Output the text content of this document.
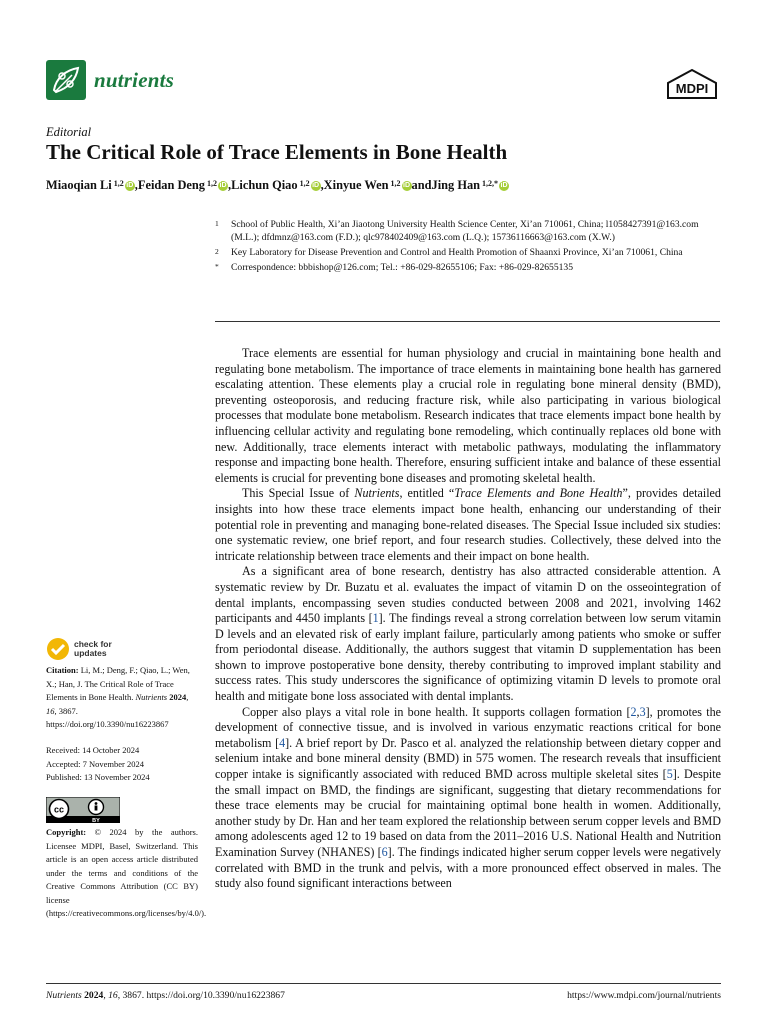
nutrients	MDPI
Editorial
The Critical Role of Trace Elements in Bone Health
Miaoqian Li $^{1,2}$ iD , Feidan Deng $^{1,2}$ iD , Lichun Qiao $^{1,2}$ iD , Xinyue Wen $^{1,2}$ iD and Jing Han $^{1,2,*}$ iD
1	School of Public Health, Xi’an Jiaotong University Health Science Center, Xi’an 710061, China; l1058427391@163.com (M.L.); dfdmnz@163.com (F.D.); qlc978402409@163.com (L.Q.); 15736116663@163.com (X.W.)
2	Key Laboratory for Disease Prevention and Control and Health Promotion of Shaanxi Province, Xi’an 710061, China
*	Correspondence: bbbishop@126.com; Tel.: +86-029-82655106; Fax: +86-029-82655135

Trace elements are essential for human physiology and crucial in maintaining bone health and regulating bone metabolism. The importance of trace elements in maintaining bone health has garnered escalating attention. These elements play a crucial role in regulating bone mineral density (BMD), preventing osteoporosis, and reducing fracture risk, while also participating in various biological processes that modulate bone metabolism. Research indicates that trace elements impact bone health by influencing cellular activity and regulating bone remodeling, which continually replaces old bone with new. Additionally, trace elements interact with metabolic pathways, modulating the inflammatory response and impacting bone health. Therefore, ensuring sufficient intake and balance of these essential elements is crucial for preventing bone diseases and promoting skeletal health.

This Special Issue of Nutrients, entitled “Trace Elements and Bone Health”, provides detailed insights into how these trace elements impact bone health, enhancing our understanding of their potential role in preventing and managing bone-related diseases. The Special Issue included six studies: one systematic review, one brief report, and four research studies. Collectively, these delved into the intricate relationship between trace elements and their impact on bone health.

As a significant area of bone research, dentistry has also attracted considerable attention. A systematic review by Dr. Buzatu et al. evaluates the impact of vitamin D on the osseointegration of dental implants, encompassing seven studies conducted between 2008 and 2021, involving 1462 participants and 4450 implants [1]. The findings reveal a strong correlation between low serum vitamin D levels and an elevated risk of early implant failure, particularly among patients who smoke or suffer from periodontal disease. Additionally, the authors suggest that vitamin D supplementation has been shown to improve postoperative bone density, thereby contributing to improved implant stability and success rates. This study underscores the significance of optimizing vitamin D levels to promote oral health and mitigate bone loss associated with dental implants.

Copper also plays a vital role in bone health. It supports collagen formation [2,3], promotes the development of connective tissue, and is involved in various enzymatic reactions critical for bone metabolism [4]. A brief report by Dr. Pasco et al. analyzed the relationship between dietary copper and selenium intake and bone mineral density (BMD) in 575 women. The research reveals that insufficient copper intake is significantly associated with reduced BMD across multiple skeletal sites [5]. Despite the small impact on BMD, the findings are significant, suggesting that dietary recommendations for these trace elements may be crucial for maintaining optimal bone health in women. Additionally, another study by Dr. Han and her team explored the relationship between serum copper levels and BMD among adolescents aged 12 to 19 based on data from the 2011–2016 U.S. National Health and Nutrition Examination Survey (NHANES) [6]. The findings indicated higher serum copper levels were negatively correlated with BMD in the trunk and pelvis, with a more pronounced effect observed in males. The study also found significant interactions between

check for
updates
Citation: Li, M.; Deng, F.; Qiao, L.; Wen, X.; Han, J. The Critical Role of Trace Elements in Bone Health. Nutrients 2024, 16, 3867. https://doi.org/10.3390/nu16223867
Received: 14 October 2024
Accepted: 7 November 2024
Published: 13 November 2024
cc
BY
Copyright: © 2024 by the authors. Licensee MDPI, Basel, Switzerland. This article is an open access article distributed under the terms and conditions of the Creative Commons Attribution (CC BY) license (https://creativecommons.org/licenses/by/4.0/).
Nutrients 2024, 16, 3867. https://doi.org/10.3390/nu16223867	https://www.mdpi.com/journal/nutrients
